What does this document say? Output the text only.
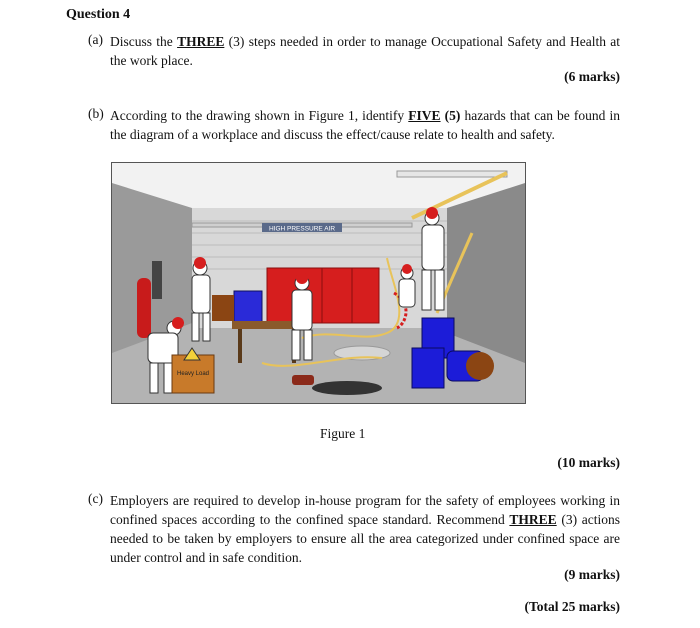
Question 4
(a) Discuss the THREE (3) steps needed in order to manage Occupational Safety and Health at the work place.
(6 marks)
(b) According to the drawing shown in Figure 1, identify FIVE (5) hazards that can be found in the diagram of a workplace and discuss the effect/cause relate to health and safety.
HIGH PRESSURE AIR
Heavy Load
Figure 1
(10 marks)
(c) Employers are required to develop in-house program for the safety of employees working in confined spaces according to the confined space standard. Recommend THREE (3) actions needed to be taken by employers to ensure all the area categorized under confined space are under control and in safe condition.
(9 marks)
(Total 25 marks)
